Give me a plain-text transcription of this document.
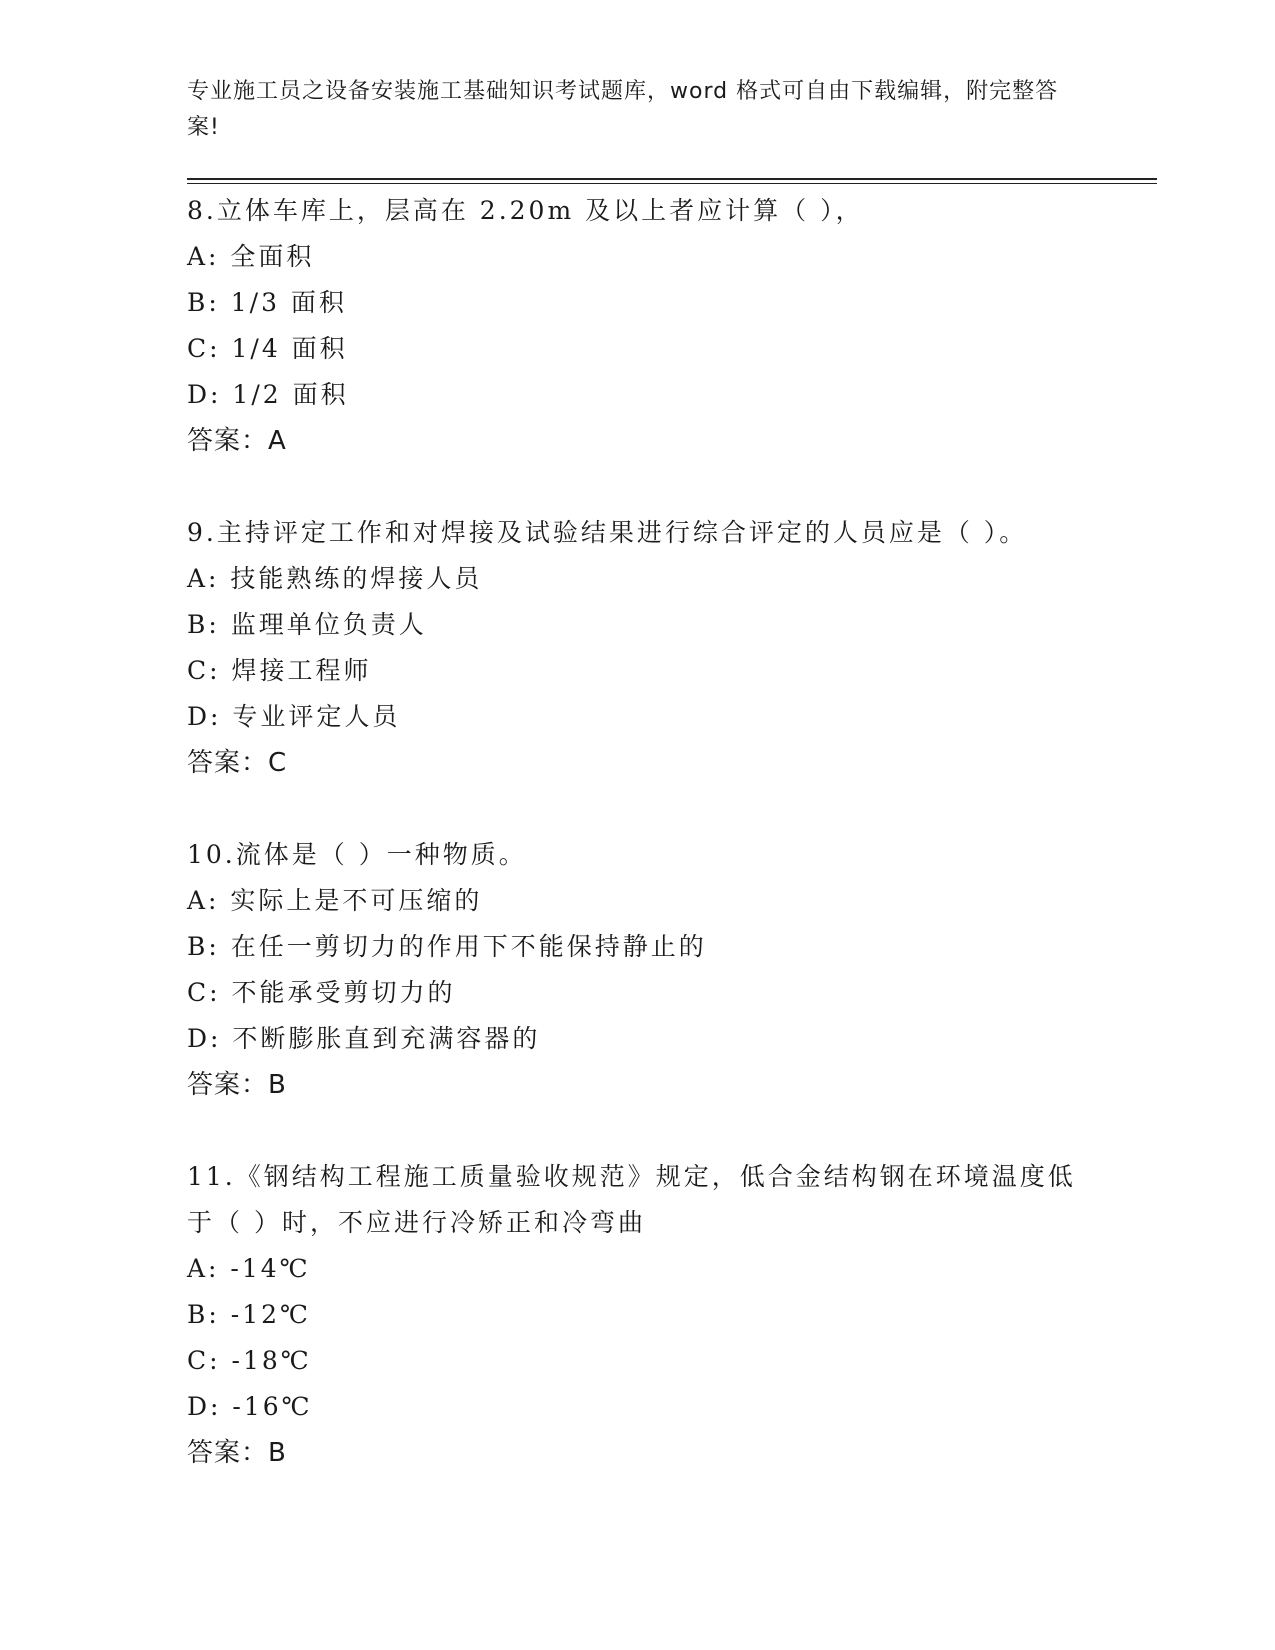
专业施工员之设备安装施工基础知识考试题库，word 格式可自由下载编辑，附完整答案!
8.立体车库上，层高在 2.20m 及以上者应计算（ ），
A: 全面积
B: 1/3 面积
C: 1/4 面积
D: 1/2 面积
答案：A
9.主持评定工作和对焊接及试验结果进行综合评定的人员应是（ ）。
A: 技能熟练的焊接人员
B: 监理单位负责人
C: 焊接工程师
D: 专业评定人员
答案：C
10.流体是（ ）一种物质。
A: 实际上是不可压缩的
B: 在任一剪切力的作用下不能保持静止的
C: 不能承受剪切力的
D: 不断膨胀直到充满容器的
答案：B
11.《钢结构工程施工质量验收规范》规定，低合金结构钢在环境温度低于（ ）时，不应进行冷矫正和冷弯曲
A: -14℃
B: -12℃
C: -18℃
D: -16℃
答案：B
